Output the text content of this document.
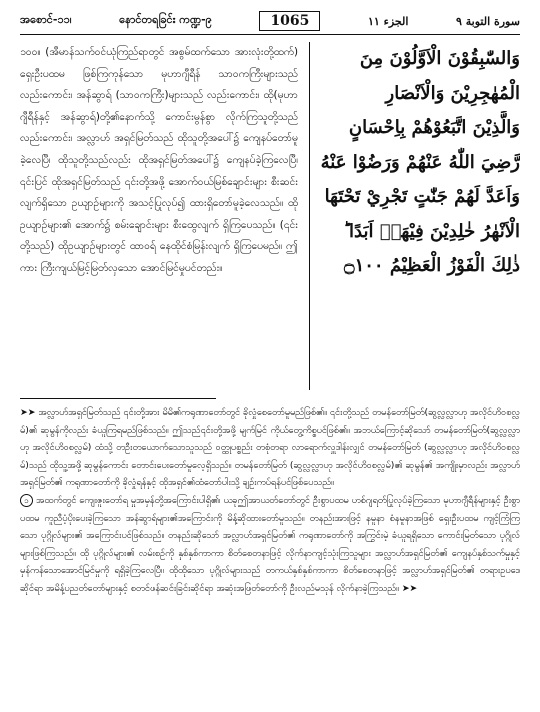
အစောင်-၁၁၊	နောင်တရခြင်း ကဏ္ဍ-၉	1065	الجزء ١١	سورة التوبة ٩

၁၀၀။ (အီမာန်သက်ဝင်ယုံကြည်ရာတွင် အစွမ်ထက်သော အားလုံးတို့ထက်) ရှေးဦးပထမ ဖြစ်ကြကုန်သော မုဟာဂျီရီန် သာဝကကြီးများသည် လည်းကောင်း၊ အန်ဆွာရ် (သာဝကကြီး)များသည် လည်းကောင်း၊ ထို(မုဟာဂျီရီန်နှင့် အန်ဆွာရ်)တို့၏နောက်သို့ ကောင်းမွန်စွာ လိုက်ကြသူတို့သည်လည်းကောင်း၊ အလ္လာဟ် အရှင်မြတ်သည် ထိုသူတို့အပေါ်၌ ကျေနပ်တော်မူခဲ့လေပြီ၊ ထိုသူတို့သည်လည်း ထိုအရှင်မြတ်အပေါ်၌ ကျေနပ်ခဲ့ကြလေပြီ၊ ၎င်းပြင် ထိုအရှင်မြတ်သည် ၎င်းတို့အဖို့ အောက်ဝယ်မြစ်ချောင်းများ စီးဆင်းလျက်ရှိသော ဥယျာဉ်များကို အသင့်ပြုလုပ်၍ ထားရှိတော်မူခဲ့လေသည်။ ထိုဥယျာဉ်များ၏ အောက်၌ စမ်းချောင်းများ စီးထွေလျက် ရှိကြပေသည်။ (၎င်းတို့သည်) ထိုဥယျာဉ်များတွင် ထာဝရ် နေထိုင်စံမြန်းလျက် ရှိကြပေမည်။ ဤကား ကြီးကျယ်မြင့်မြတ်လှသော အောင်မြင်မှုပင်တည်း။

وَالسّٰبِقُوْنَ الْاَوَّلُوْنَ مِنَ
الْمُهٰجِرِيْنَ وَالْاَنْصَارِ
وَالَّذِيْنَ اتَّبَعُوْهُمْ بِاِحْسَانٍ
رَّضِيَ اللّٰهُ عَنْهُمْ وَرَضُوْا عَنْهُ
وَاَعَدَّ لَهُمْ جَنّٰتٍ تَجْرِيْ تَحْتَهَا
الْاَنْهٰرُ خٰلِدِيْنَ فِيْهَاۤ اَبَدًا ؕ
ذٰلِكَ الْفَوْزُ الْعَظِيْمُ ۝١٠٠

➤➤ အလ္လာဟ်အရှင်မြတ်သည် ၎င်းတို့အား မိမိ၏ကရုဏာတော်တွင် ခိုလှုံစေတော်မူမည်ဖြစ်၏။ ၎င်းတို့သည် တမန်တော်မြတ်(ဆွလ္လလ္လာဟု အလိုင်ဟိဝစလ္လမ်)၏ ဆုမွန်ကိုလည်း ခံယူကြရမည်ဖြစ်သည်။ ဤသည်၎င်းတို့အဖို့ မျက်မြင် ကိုယ်တွေ့ကိစ္စပင်ဖြစ်၏။ အဘယ်ကြောင့်ဆိုသော် တမန်တော်မြတ်(ဆွလ္လလ္လာဟု အလိုင်ဟိဝစလ္လမ်) ထံသို့ တဦးတယောက်သောသူသည် ဝတ္ထုပစ္စည်း တစုံတရာ လာရောက်လှူဒါန်းလျှင် တမန်တော်မြတ် (ဆွလ္လလ္လာဟု အလိုင်ဟိဝစလ္လမ်)သည် ထိုသူ့အဖို့ ဆုမွန်ကောင်း တောင်းပေးတော်မူလေ့ရှိသည်။ တမန်တော်မြတ် (ဆွလ္လလ္လာဟု အလိုင်ဟိဝစလ္လမ်)၏ ဆုမွန်၏ အကျိုးမှာလည်း အလ္လာဟ်အရှင်မြတ်၏ ကရုဏာတော်ကို ခိုလှုံရန်နှင့် ထိုအရှင်၏ထံတော်ပါးသို့ ချဉ်းကပ်ရန်ပင်ဖြစ်ပေသည်။

၁ အထက်တွင် ကျေးဇူးတော်ရ မှုအမှန်တို့အကြောင်းပါရှိ၏၊ ယခုဤအာယတ်တော်တွင် ဦးစွာပထမ ဟစ်ဂျရတ်ပြုလုပ်ခဲ့ကြသော မုဟာဂျီရီန်များနှင့် ဦးစွာပထမ ကူညီပံ့ပိုးပေးခဲ့ကြသော အန်ဆွာရ်များ၏အကြောင်းကို မိန့်ဆိုထားတော်မူသည်။ တနည်းအားဖြင့် နမူနာ စံနမူနာအဖြစ် ရှေးဦးပထမ ကျင့်ကြံကြသော ပုဂ္ဂိုလ်များ၏ အကြောင်းပင်ဖြစ်သည်။ တနည်းဆိုသော် အလ္လာဟ်အရှင်မြတ်၏ ကရုဏာတော်ကို အကြွင်းမဲ့ ခံယူရရှိသော ကောင်းမြတ်သော ပုဂ္ဂိုလ်များဖြစ်ကြသည်။ ထို ပုဂ္ဂိုလ်များ၏ လမ်းစဉ်ကို နှစ်နှစ်ကာကာ စိတ်စေတနာဖြင့် လိုက်နာကျင့်သုံးကြသူများ အလ္လာဟ်အရှင်မြတ်၏ ကျေနပ်နှစ်သက်မှုနှင့် မှန်ကန်သောအောင်မြင်မှုကို ရရှိခဲ့ကြလေပြီ။ ထိုထိုသော ပုဂ္ဂိုလ်များသည် တကယ်နှစ်နှစ်ကာကာ စိတ်စေတနာဖြင့် အလ္လာဟ်အရှင်မြတ်၏ တရားဥပဒေ ဆိုင်ရာ အမိန့်ပညတ်တော်များနှင့် စတင်ဖန်ဆင်းခြင်းဆိုင်ရာ အဆုံးအဖြတ်တော်ကို ဦးလည်မသုန် လိုက်နာခဲ့ကြသည်။ ➤➤
